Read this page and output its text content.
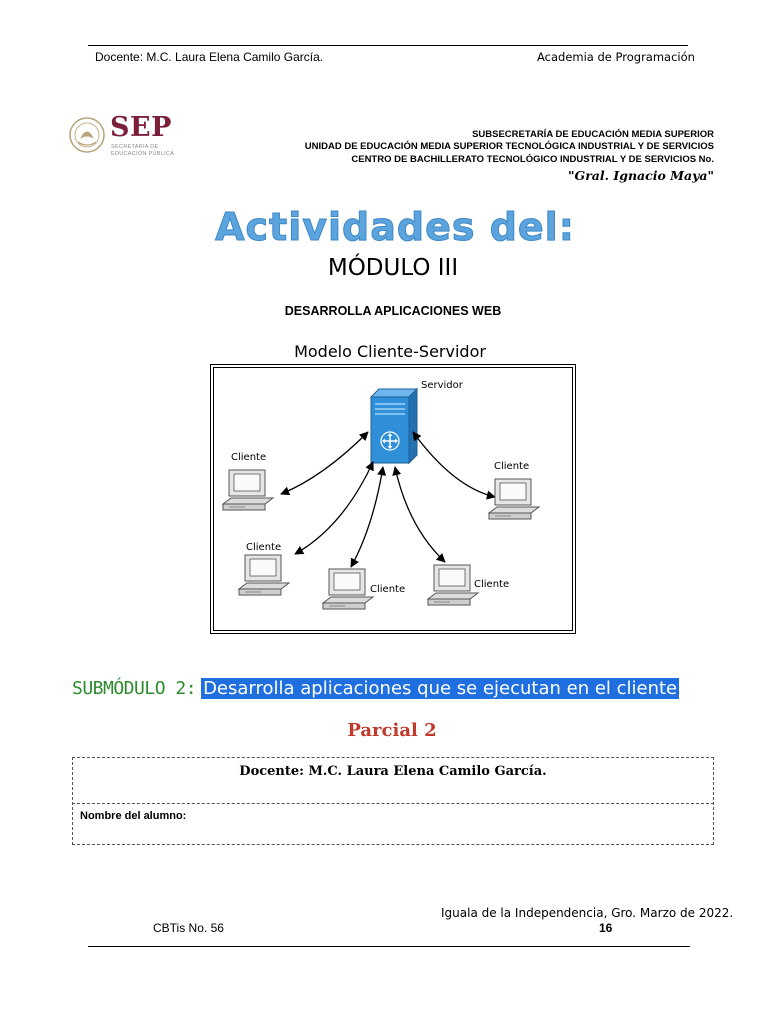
Docente: M.C. Laura Elena Camilo García.	Academia de Programación
SEP
SECRETARÍA DE
EDUCACIÓN PÚBLICA
SUBSECRETARÍA DE EDUCACIÓN MEDIA SUPERIOR
UNIDAD DE EDUCACIÓN MEDIA SUPERIOR TECNOLÓGICA INDUSTRIAL Y DE SERVICIOS
CENTRO DE BACHILLERATO TECNOLÓGICO INDUSTRIAL Y DE SERVICIOS No.
"Gral. Ignacio Maya"
Actividades del:
MÓDULO III
DESARROLLA APLICACIONES WEB
Modelo Cliente-Servidor
Servidor
Cliente
Cliente
Cliente	Cliente
Cliente
SUBMÓDULO 2: Desarrolla aplicaciones que se ejecutan en el cliente
Parcial 2
Docente: M.C. Laura Elena Camilo García.
Nombre del alumno:
Iguala de la Independencia, Gro. Marzo de 2022.
CBTis No. 56	16
